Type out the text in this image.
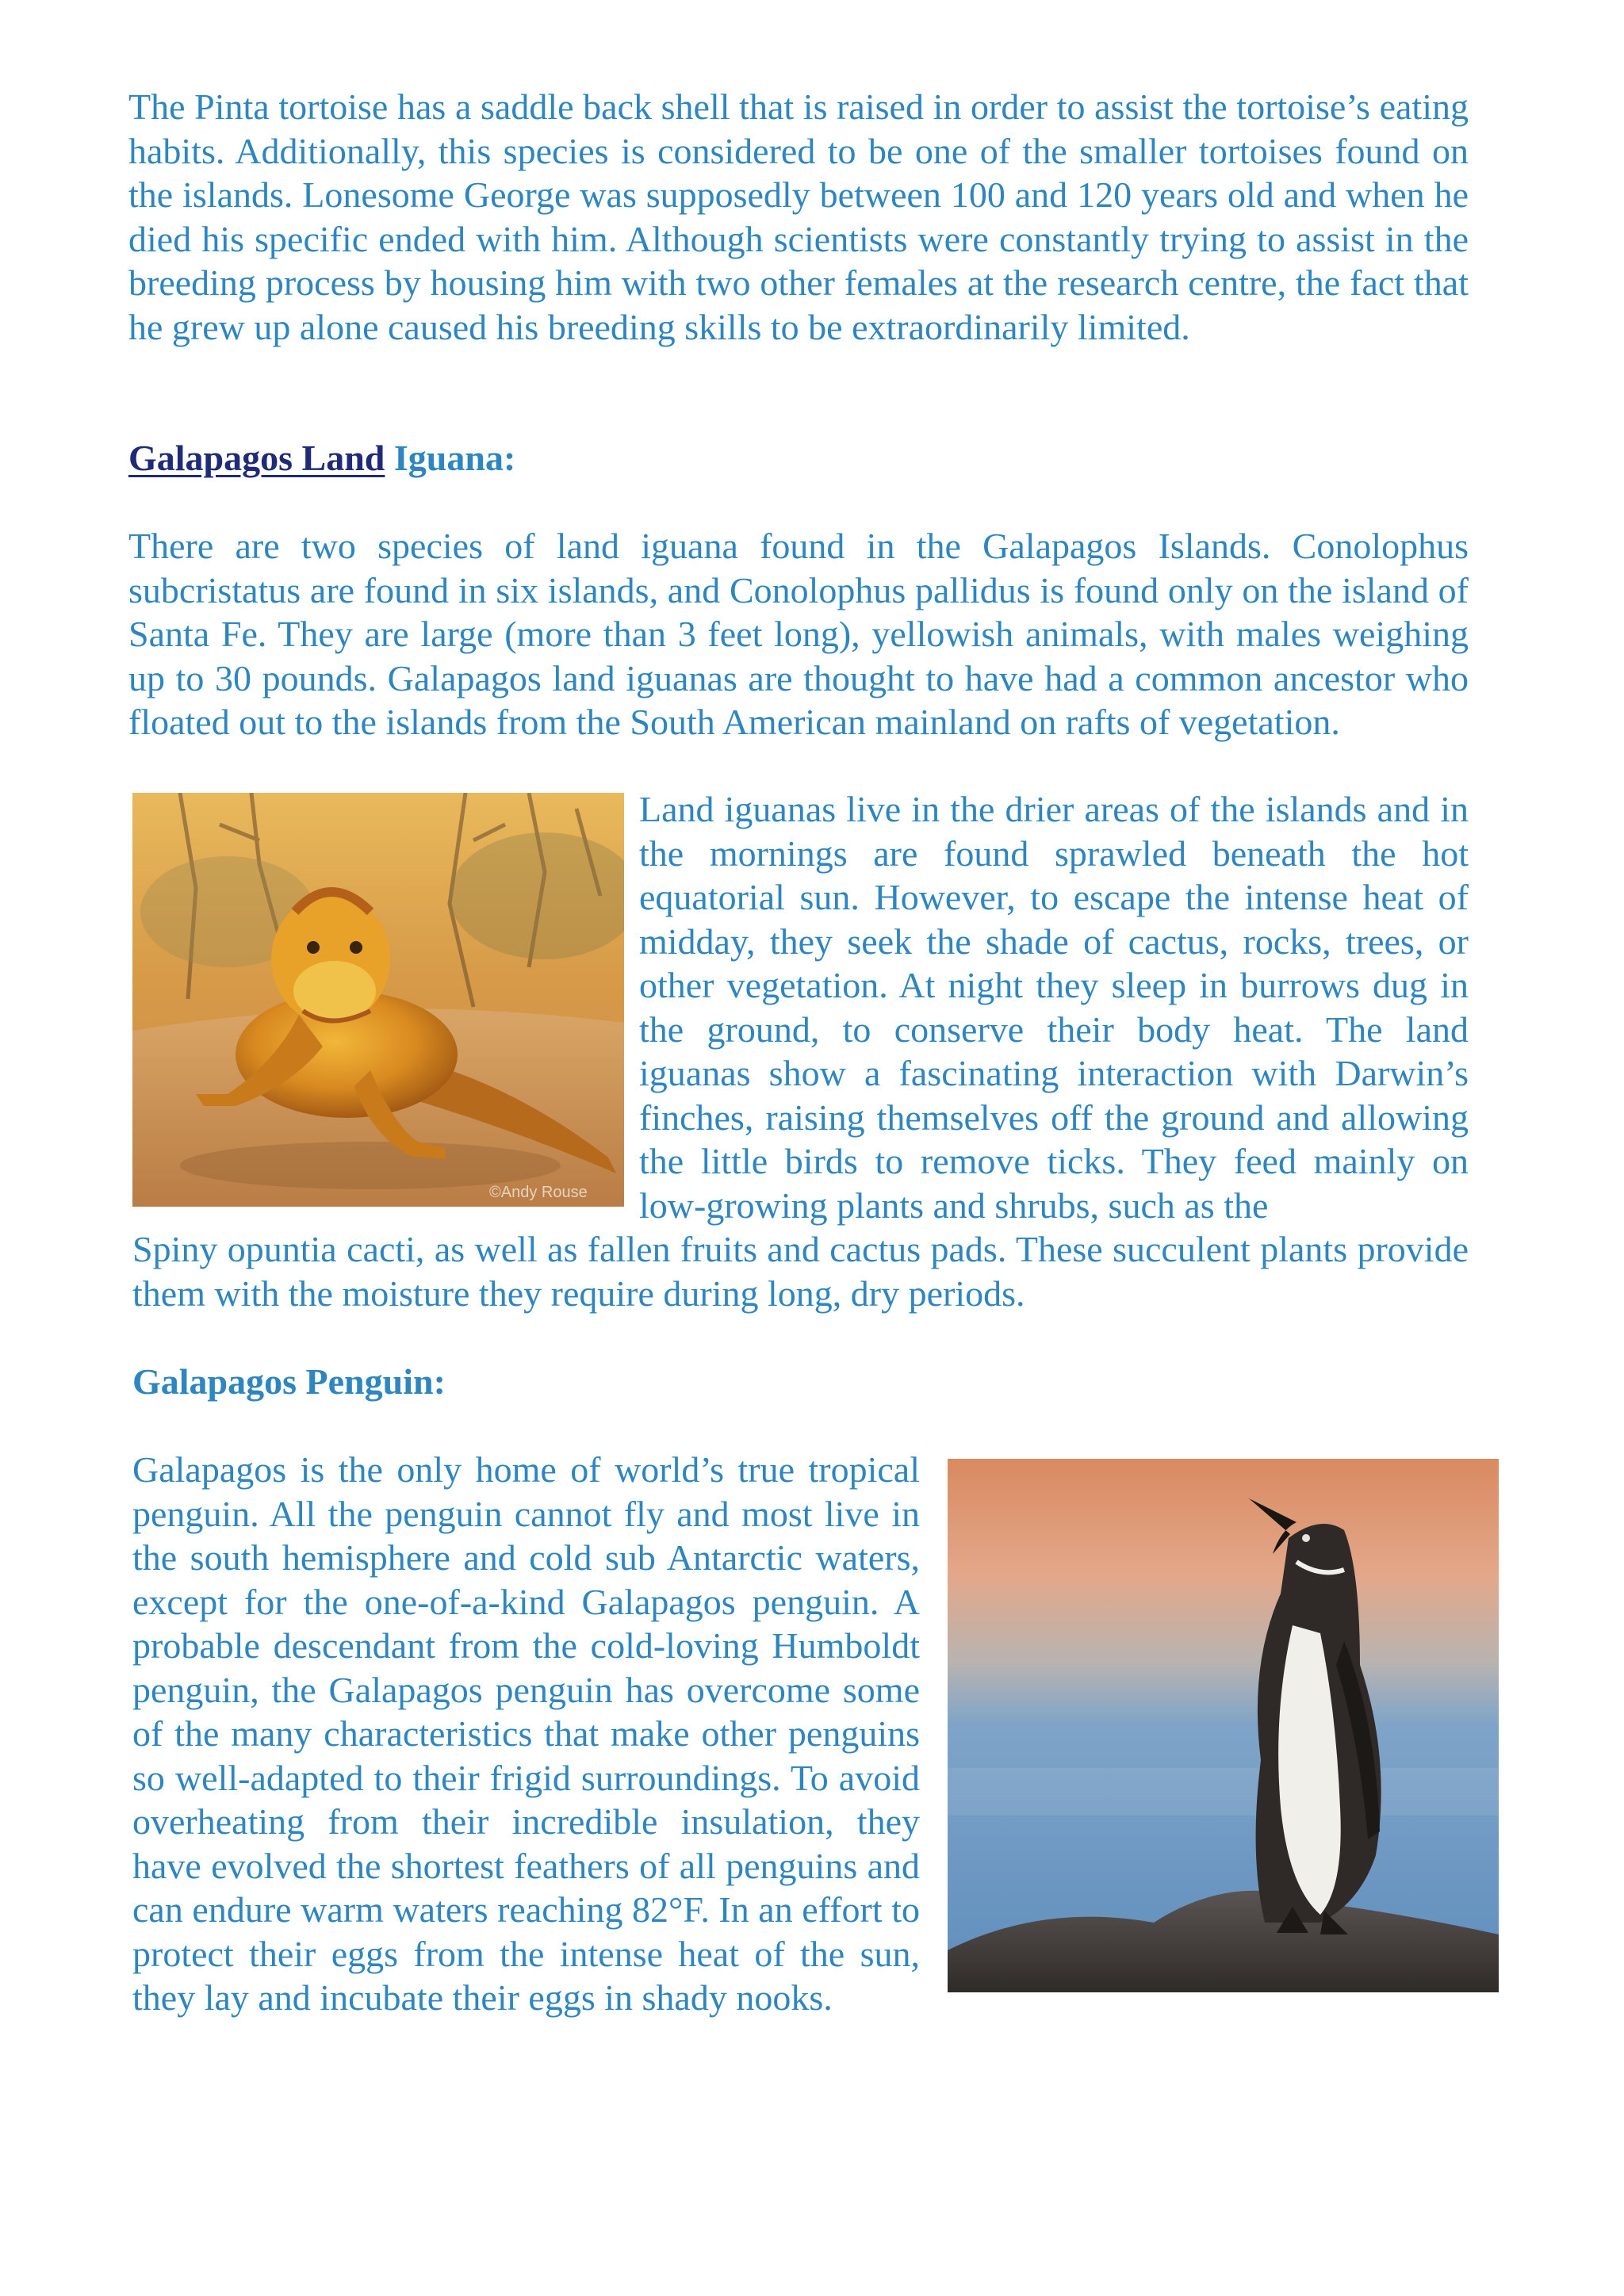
The Pinta tortoise has a saddle back shell that is raised in order to assist the tortoise’s eating habits. Additionally, this species is considered to be one of the smaller tortoises found on the islands. Lonesome George was supposedly between 100 and 120 years old and when he died his specific ended with him. Although scientists were constantly trying to assist in the breeding process by housing him with two other females at the research centre, the fact that he grew up alone caused his breeding skills to be extraordinarily limited.

Galapagos Land Iguana:

There are two species of land iguana found in the Galapagos Islands. Conolophus subcristatus are found in six islands, and Conolophus pallidus is found only on the island of Santa Fe. They are large (more than 3 feet long), yellowish animals, with males weighing up to 30 pounds. Galapagos land iguanas are thought to have had a common ancestor who floated out to the islands from the South American mainland on rafts of vegetation.

©Andy Rouse

Land iguanas live in the drier areas of the islands and in the mornings are found sprawled beneath the hot equatorial sun. However, to escape the intense heat of midday, they seek the shade of cactus, rocks, trees, or other vegetation. At night they sleep in burrows dug in the ground, to conserve their body heat. The land iguanas show a fascinating interaction with Darwin’s finches, raising themselves off the ground and allowing the little birds to remove ticks. They feed mainly on low-growing plants and shrubs, such as the

Spiny opuntia cacti, as well as fallen fruits and cactus pads. These succulent plants provide them with the moisture they require during long, dry periods.

Galapagos Penguin:

Galapagos is the only home of world’s true tropical penguin. All the penguin cannot fly and most live in the south hemisphere and cold sub Antarctic waters, except for the one-of-a-kind Galapagos penguin. A probable descendant from the cold-loving Humboldt penguin, the Galapagos penguin has overcome some of the many characteristics that make other penguins so well-adapted to their frigid surroundings. To avoid overheating from their incredible insulation, they have evolved the shortest feathers of all penguins and can endure warm waters reaching 82°F. In an effort to protect their eggs from the intense heat of the sun, they lay and incubate their eggs in shady nooks.
